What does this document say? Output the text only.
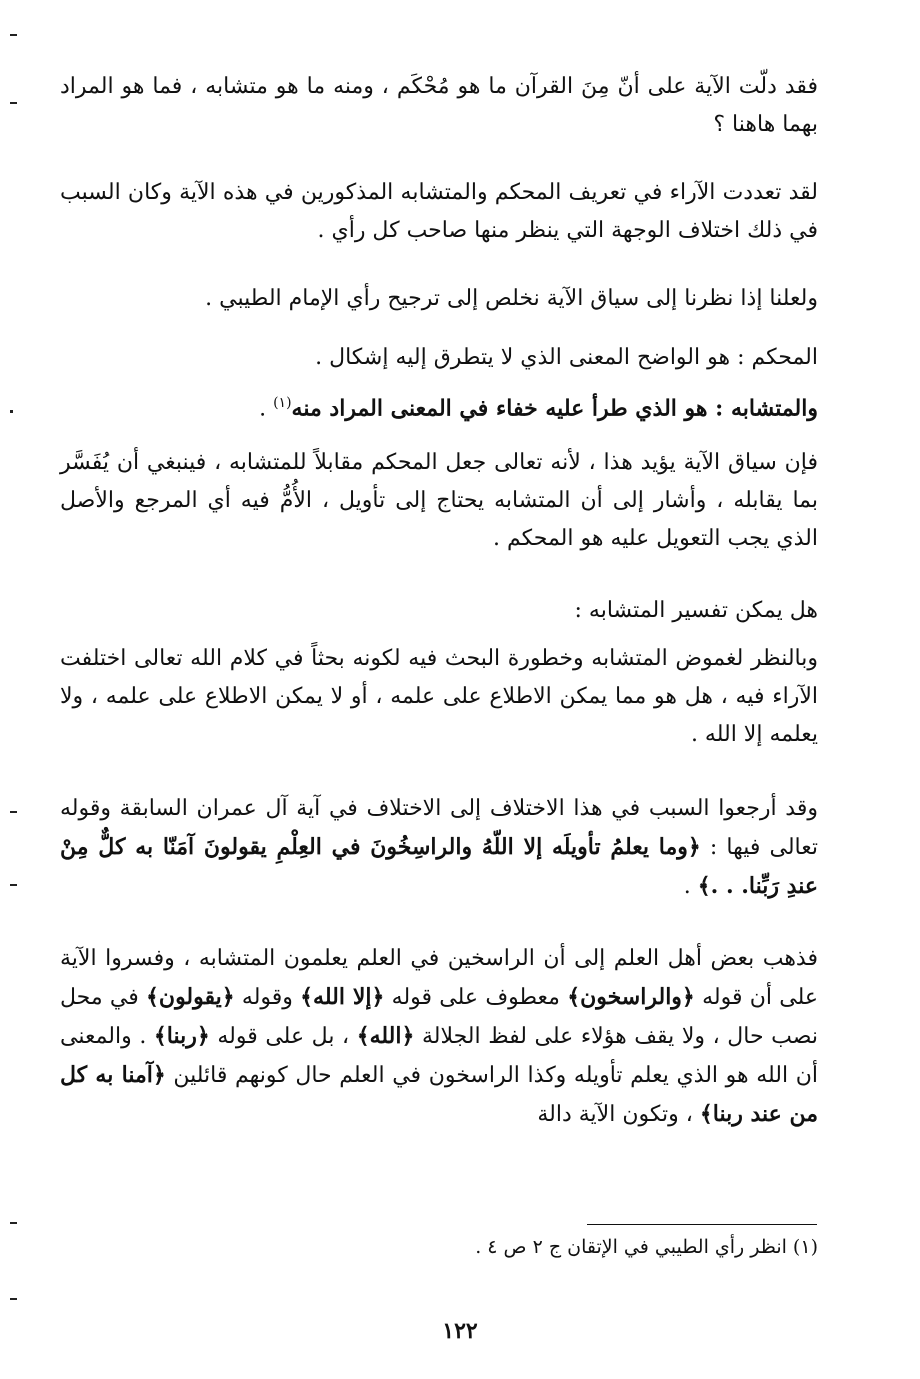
فقد دلّت الآية على أنّ مِنَ القرآن ما هو مُحْكَم ، ومنه ما هو متشابه ، فما هو المراد بهما هاهنا ؟

لقد تعددت الآراء في تعريف المحكم والمتشابه المذكورين في هذه الآية وكان السبب في ذلك اختلاف الوجهة التي ينظر منها صاحب كل رأي .

ولعلنا إذا نظرنا إلى سياق الآية نخلص إلى ترجيح رأي الإمام الطيبي .

المحكم : هو الواضح المعنى الذي لا يتطرق إليه إشكال .

والمتشابه : هو الذي طرأ عليه خفاء في المعنى المراد منه$^{(١)}$ .

فإن سياق الآية يؤيد هذا ، لأنه تعالى جعل المحكم مقابلاً للمتشابه ، فينبغي أن يُفَسَّر بما يقابله ، وأشار إلى أن المتشابه يحتاج إلى تأويل ، الأُمُّ فيه أي المرجع والأصل الذي يجب التعويل عليه هو المحكم .

هل يمكن تفسير المتشابه :

وبالنظر لغموض المتشابه وخطورة البحث فيه لكونه بحثاً في كلام الله تعالى اختلفت الآراء فيه ، هل هو مما يمكن الاطلاع على علمه ، أو لا يمكن الاطلاع على علمه ، ولا يعلمه إلا الله .

وقد أرجعوا السبب في هذا الاختلاف إلى الاختلاف في آية آل عمران السابقة وقوله تعالى فيها : ﴿وما يعلمُ تأويلَه إلا اللّهُ والراسِخُونَ في العِلْمِ يقولونَ آمَنّا به كلٌّ مِنْ عندِ رَبِّنا. . .﴾ .

فذهب بعض أهل العلم إلى أن الراسخين في العلم يعلمون المتشابه ، وفسروا الآية على أن قوله ﴿والراسخون﴾ معطوف على قوله ﴿إلا الله﴾ وقوله ﴿يقولون﴾ في محل نصب حال ، ولا يقف هؤلاء على لفظ الجلالة ﴿الله﴾ ، بل على قوله ﴿ربنا﴾ . والمعنى أن الله هو الذي يعلم تأويله وكذا الراسخون في العلم حال كونهم قائلين ﴿آمنا به كل من عند ربنا﴾ ، وتكون الآية دالة

(١) انظر رأي الطيبي في الإتقان ج ٢ ص ٤ .

١٢٢
